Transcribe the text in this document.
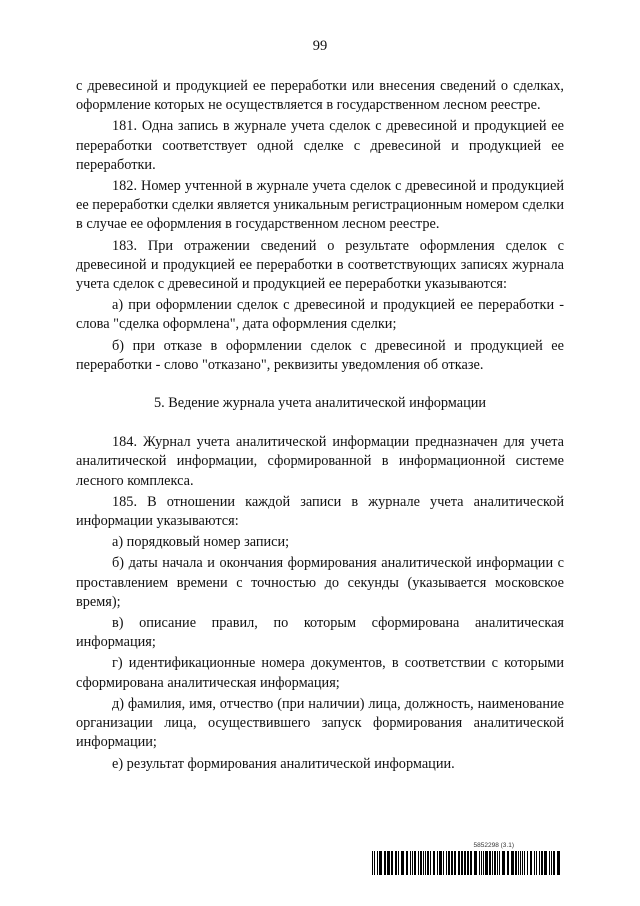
99

с древесиной и продукцией ее переработки или внесения сведений о сделках, оформление которых не осуществляется в государственном лесном реестре.

181. Одна запись в журнале учета сделок с древесиной и продукцией ее переработки соответствует одной сделке с древесиной и продукцией ее переработки.

182. Номер учтенной в журнале учета сделок с древесиной и продукцией ее переработки сделки является уникальным регистрационным номером сделки в случае ее оформления в государственном лесном реестре.

183. При отражении сведений о результате оформления сделок с древесиной и продукцией ее переработки в соответствующих записях журнала учета сделок с древесиной и продукцией ее переработки указываются:

а) при оформлении сделок с древесиной и продукцией ее переработки - слова "сделка оформлена", дата оформления сделки;

б) при отказе в оформлении сделок с древесиной и продукцией ее переработки - слово "отказано", реквизиты уведомления об отказе.

5. Ведение журнала учета аналитической информации

184. Журнал учета аналитической информации предназначен для учета аналитической информации, сформированной в информационной системе лесного комплекса.

185. В отношении каждой записи в журнале учета аналитической информации указываются:

а) порядковый номер записи;

б) даты начала и окончания формирования аналитической информации с проставлением времени с точностью до секунды (указывается московское время);

в) описание правил, по которым сформирована аналитическая информация;

г) идентификационные номера документов, в соответствии с которыми сформирована аналитическая информация;

д) фамилия, имя, отчество (при наличии) лица, должность, наименование организации лица, осуществившего запуск формирования аналитической информации;

е) результат формирования аналитической информации.

5852298 (3.1)
